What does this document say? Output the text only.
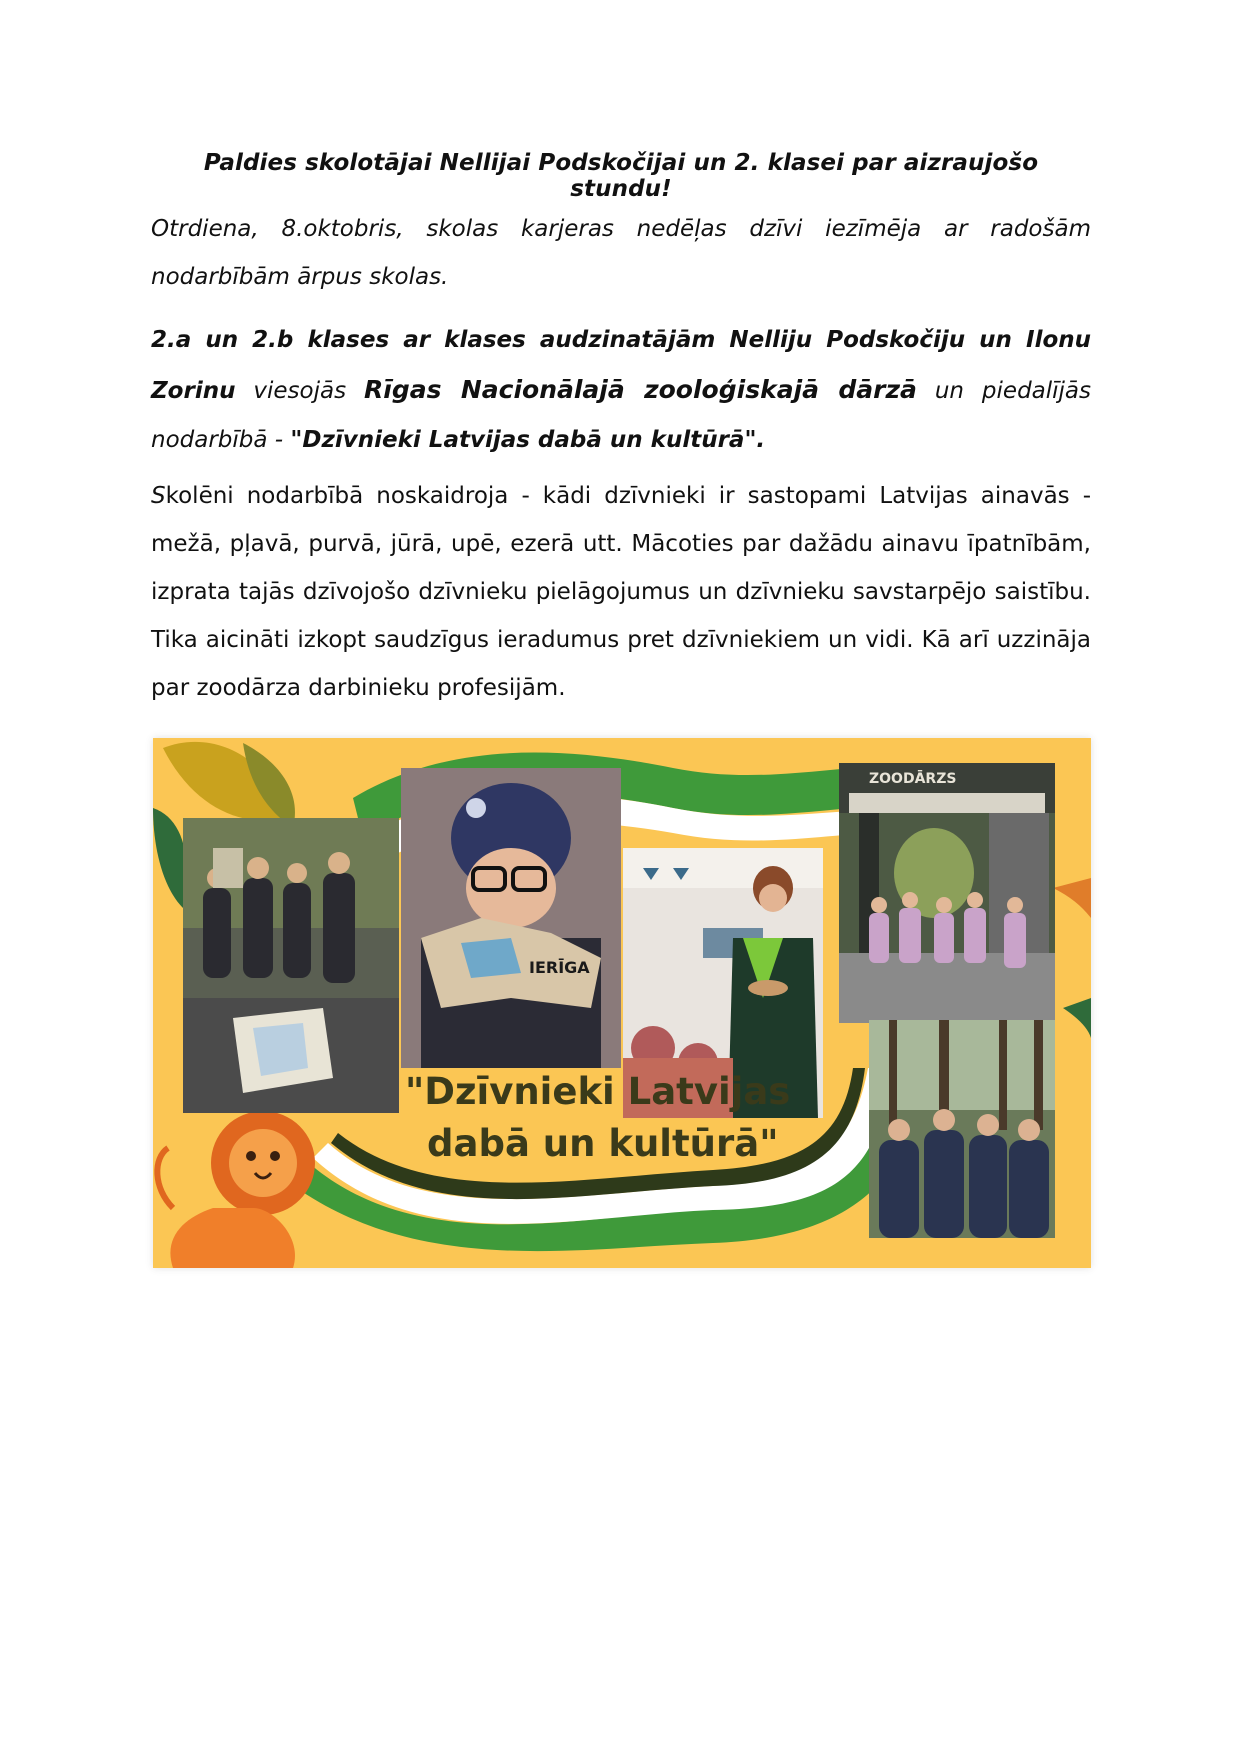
Paldies skolotājai Nellijai Podskočijai un 2. klasei par aizraujošo stundu!
Otrdiena, 8.oktobris, skolas karjeras nedēļas dzīvi iezīmēja ar radošām nodarbībām ārpus skolas.
2.a un 2.b klases ar klases audzinatājām Nelliju Podskočiju un Ilonu Zorinu viesojās Rīgas Nacionālajā zooloģiskajā dārzā un piedalījās nodarbībā - "Dzīvnieki Latvijas dabā un kultūrā".
Skolēni nodarbībā noskaidroja - kādi dzīvnieki ir sastopami Latvijas ainavās - mežā, pļavā, purvā, jūrā, upē, ezerā utt. Mācoties par dažādu ainavu īpatnībām, izprata tajās dzīvojošo dzīvnieku pielāgojumus un dzīvnieku savstarpējo saistību. Tika aicināti izkopt saudzīgus ieradumus pret dzīvniekiem un vidi. Kā arī uzzināja par zoodārza darbinieku profesijām.
IERĪGA
ZOODĀRZS
"Dzīvnieki Latvijas
dabā un kultūrā"
